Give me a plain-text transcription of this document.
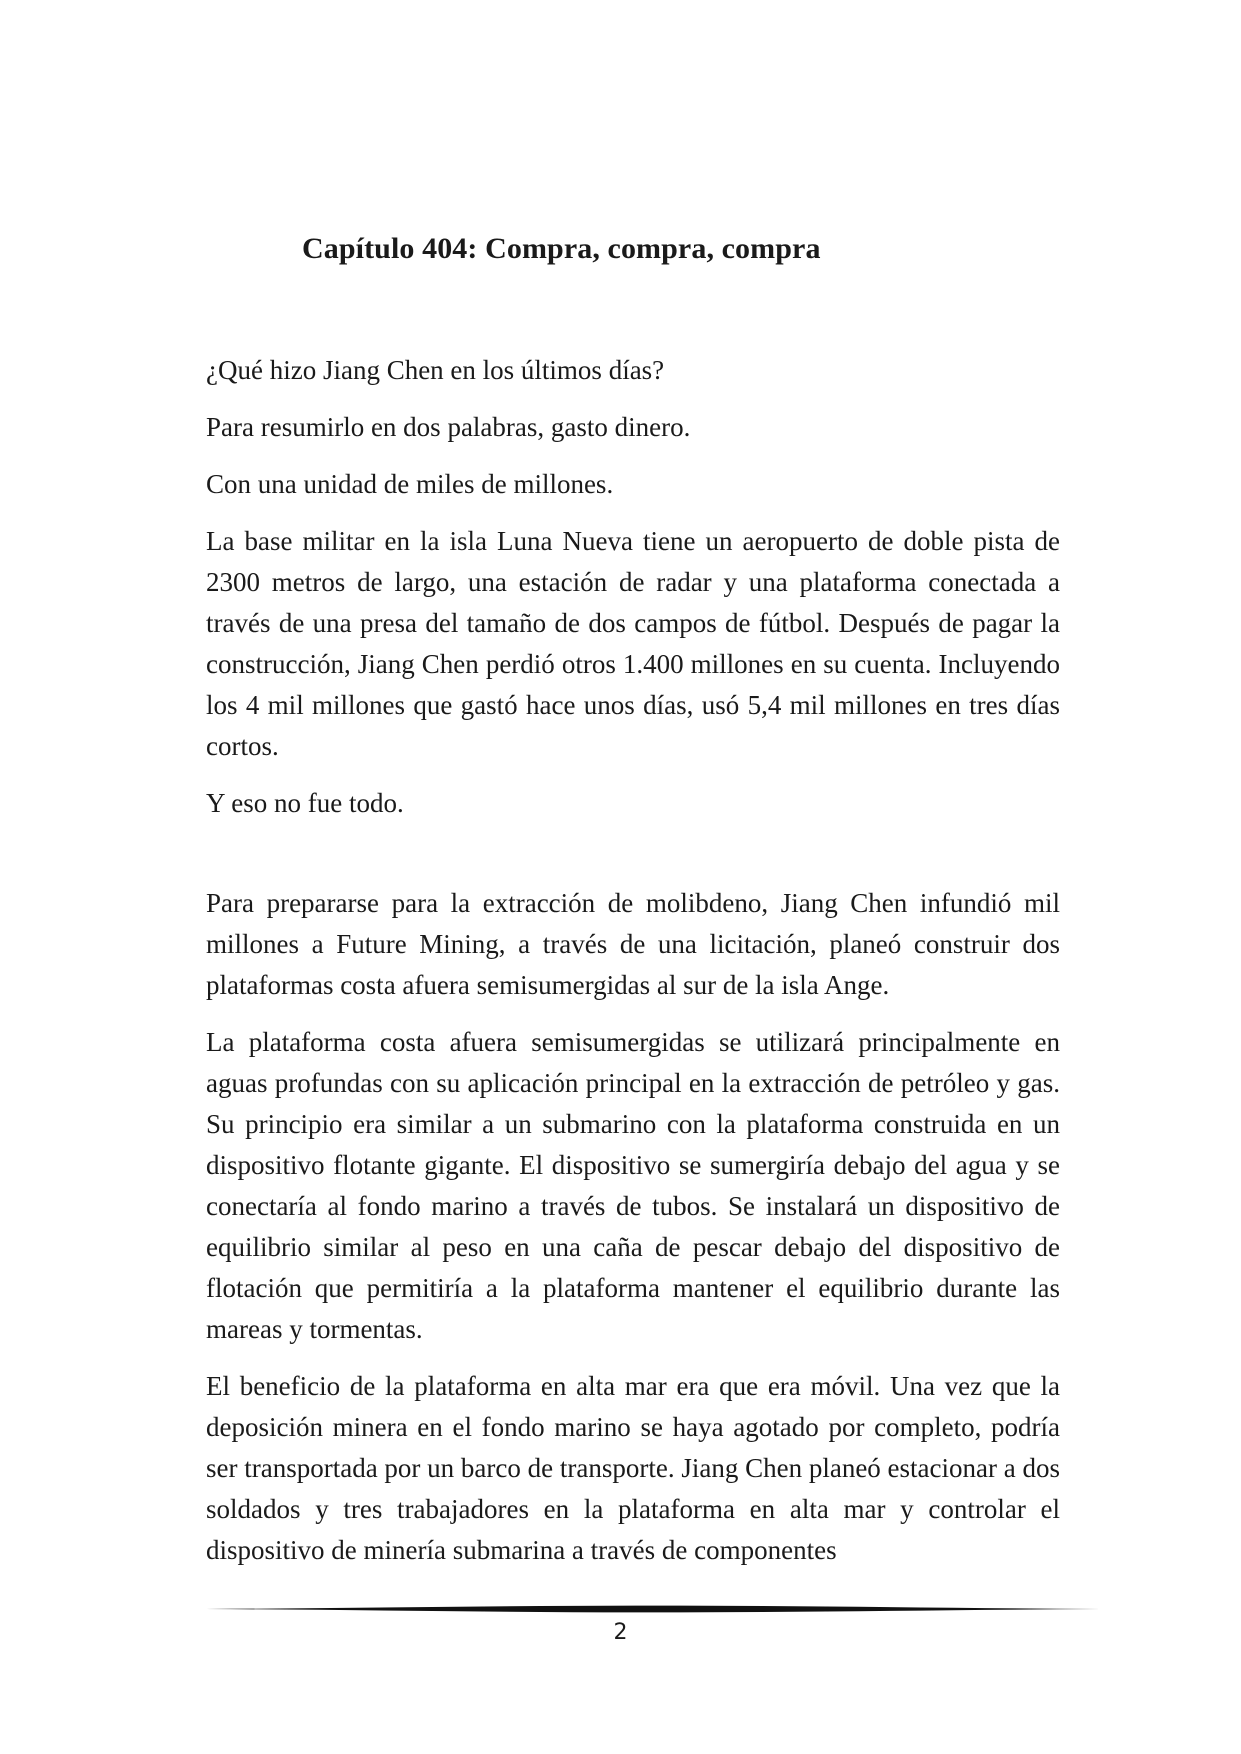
Capítulo 404: Compra, compra, compra

¿Qué hizo Jiang Chen en los últimos días?

Para resumirlo en dos palabras, gasto dinero.

Con una unidad de miles de millones.

La base militar en la isla Luna Nueva tiene un aeropuerto de doble pista de 2300 metros de largo, una estación de radar y una plataforma conectada a través de una presa del tamaño de dos campos de fútbol. Después de pagar la construcción, Jiang Chen perdió otros 1.400 millones en su cuenta. Incluyendo los 4 mil millones que gastó hace unos días, usó 5,4 mil millones en tres días cortos.

Y eso no fue todo.

Para prepararse para la extracción de molibdeno, Jiang Chen infundió mil millones a Future Mining, a través de una licitación, planeó construir dos plataformas costa afuera semisumergidas al sur de la isla Ange.

La plataforma costa afuera semisumergidas se utilizará principalmente en aguas profundas con su aplicación principal en la extracción de petróleo y gas. Su principio era similar a un submarino con la plataforma construida en un dispositivo flotante gigante. El dispositivo se sumergiría debajo del agua y se conectaría al fondo marino a través de tubos. Se instalará un dispositivo de equilibrio similar al peso en una caña de pescar debajo del dispositivo de flotación que permitiría a la plataforma mantener el equilibrio durante las mareas y tormentas.

El beneficio de la plataforma en alta mar era que era móvil. Una vez que la deposición minera en el fondo marino se haya agotado por completo, podría ser transportada por un barco de transporte. Jiang Chen planeó estacionar a dos soldados y tres trabajadores en la plataforma en alta mar y controlar el dispositivo de minería submarina a través de componentes

2
